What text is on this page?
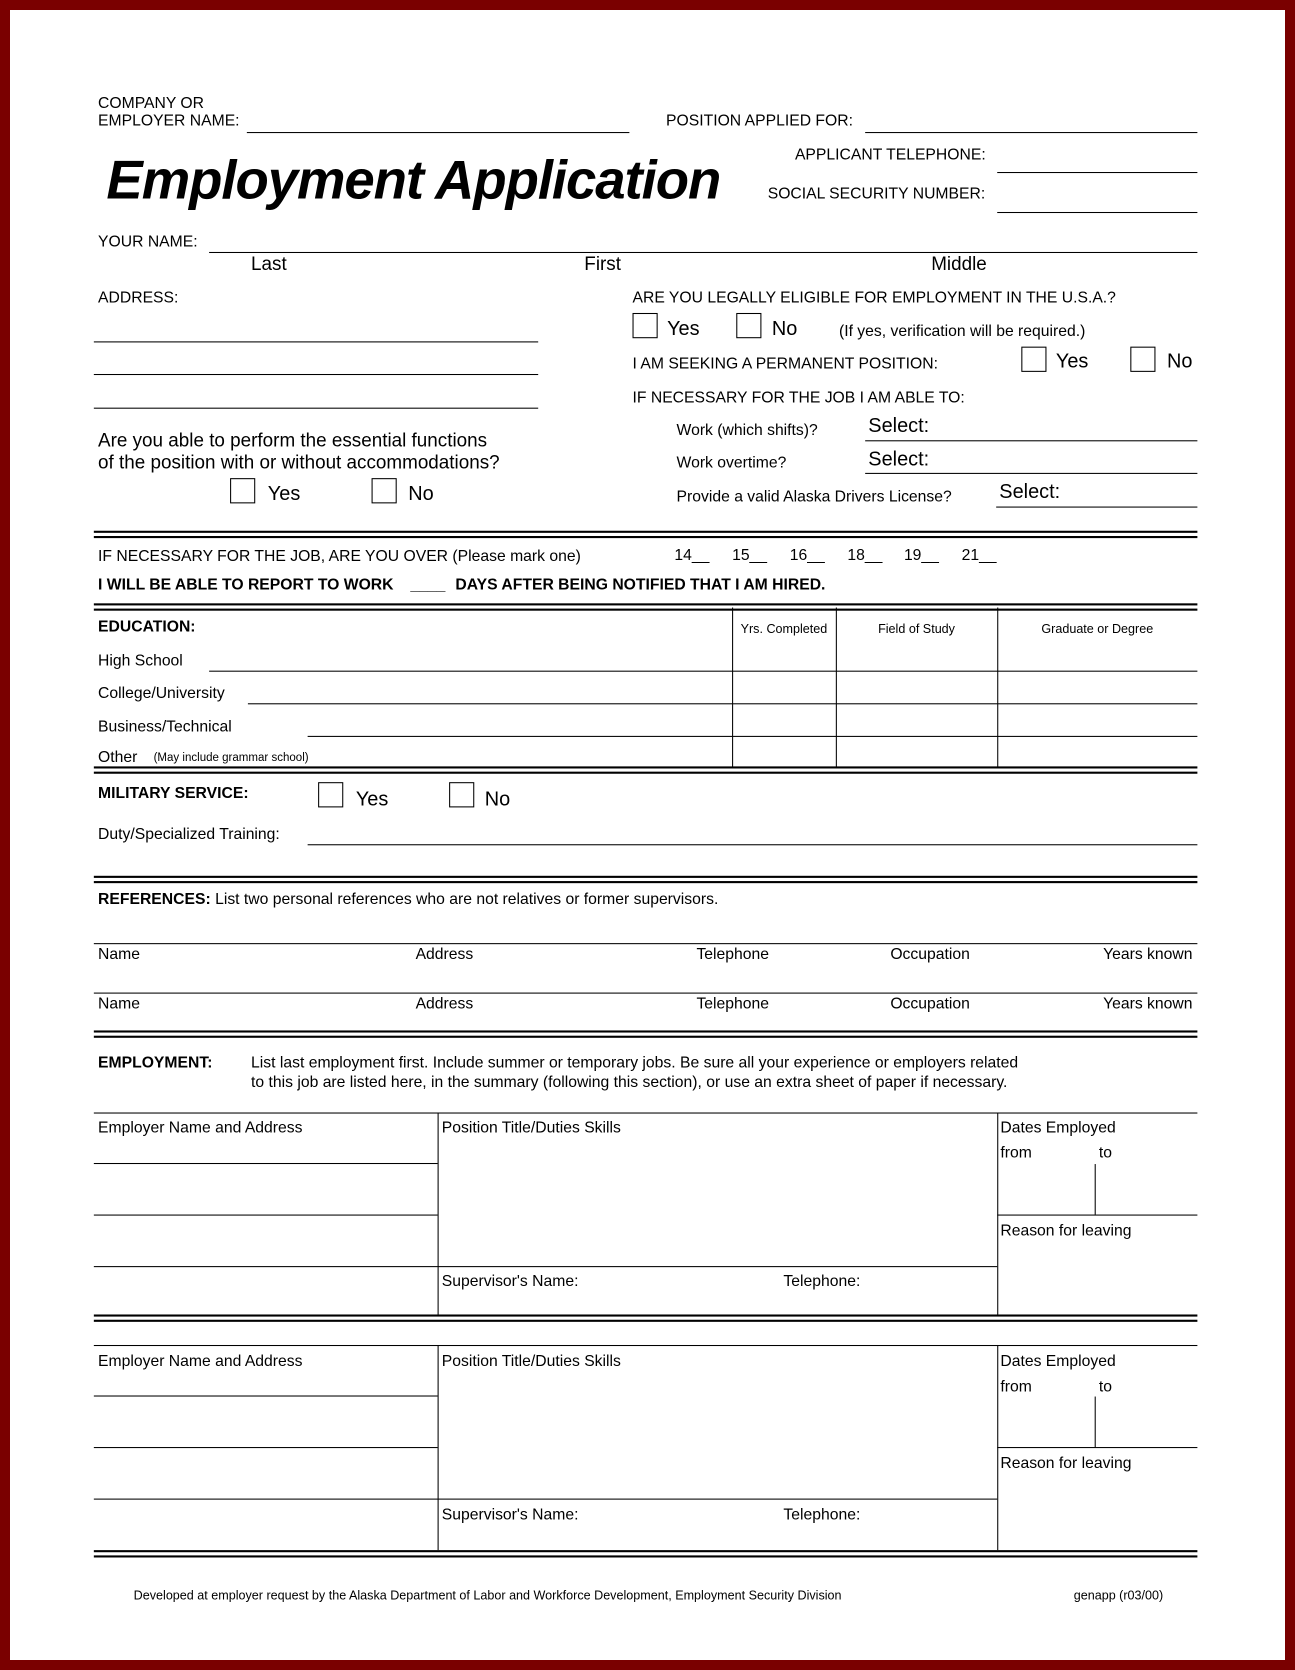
COMPANY OR
EMPLOYER NAME:	POSITION APPLIED FOR:
Employment Application	APPLICANT TELEPHONE:
SOCIAL SECURITY NUMBER:
YOUR NAME:
Last	First	Middle
ADDRESS:	ARE YOU LEGALLY ELIGIBLE FOR EMPLOYMENT IN THE U.S.A.?
Yes	No	(If yes, verification will be required.)
I AM SEEKING A PERMANENT POSITION:	Yes	No
IF NECESSARY FOR THE JOB I AM ABLE TO:
Work (which shifts)?	Select:
Work overtime?	Select:
Provide a valid Alaska Drivers License?	Select:
Are you able to perform the essential functions
of the position with or without accommodations?
Yes	No
IF NECESSARY FOR THE JOB, ARE YOU OVER (Please mark one)	14__ 15__ 16__ 18__ 19__ 21__
I WILL BE ABLE TO REPORT TO WORK ____ DAYS AFTER BEING NOTIFIED THAT I AM HIRED.
EDUCATION:	Yrs. Completed	Field of Study	Graduate or Degree
High School
College/University
Business/Technical
Other (May include grammar school)
MILITARY SERVICE:	Yes	No
Duty/Specialized Training:
REFERENCES: List two personal references who are not relatives or former supervisors.
Name	Address	Telephone	Occupation	Years known
Name	Address	Telephone	Occupation	Years known
EMPLOYMENT:	List last employment first. Include summer or temporary jobs. Be sure all your experience or employers related
to this job are listed here, in the summary (following this section), or use an extra sheet of paper if necessary.
Employer Name and Address	Position Title/Duties Skills	Dates Employed
from	to
Reason for leaving
Supervisor's Name:	Telephone:
Employer Name and Address	Position Title/Duties Skills	Dates Employed
from	to
Reason for leaving
Supervisor's Name:	Telephone:
Developed at employer request by the Alaska Department of Labor and Workforce Development, Employment Security Division	genapp (r03/00)
